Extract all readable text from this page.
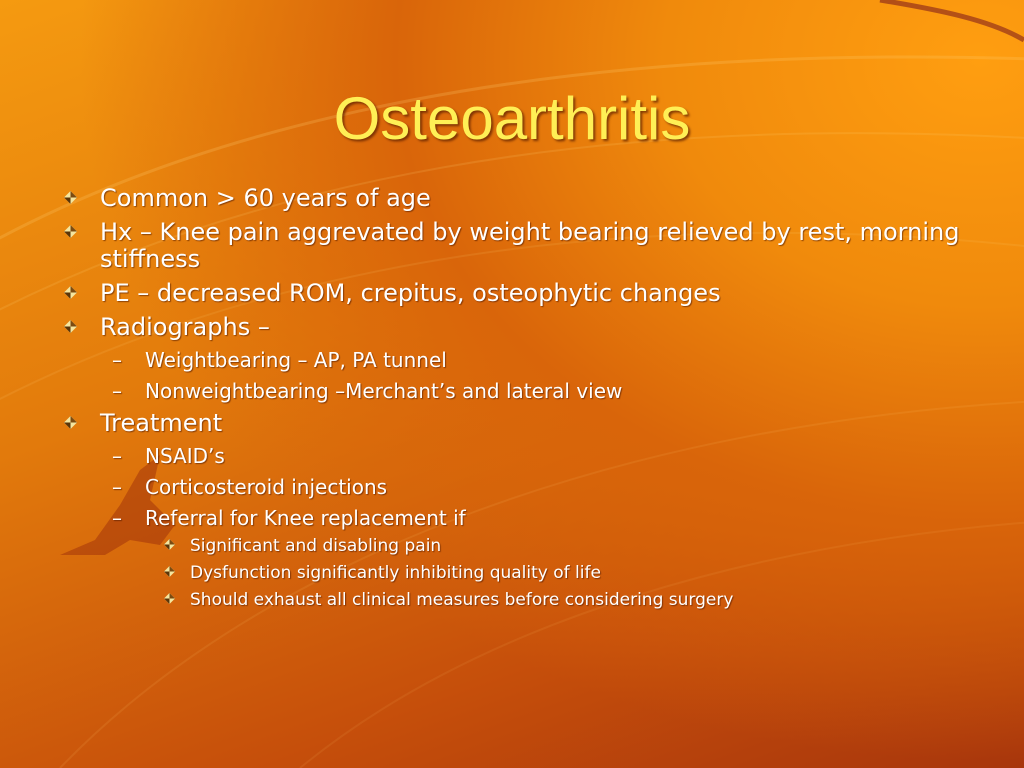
Osteoarthritis
Common > 60 years of age
Hx – Knee pain aggrevated by weight bearing relieved by rest, morning stiffness
PE – decreased ROM, crepitus, osteophytic changes
Radiographs –
– Weightbearing – AP, PA tunnel
– Nonweightbearing –Merchant’s and lateral view
Treatment
– NSAID’s
– Corticosteroid injections
– Referral for Knee replacement if
Significant and disabling pain
Dysfunction significantly inhibiting quality of life
Should exhaust all clinical measures before considering surgery
